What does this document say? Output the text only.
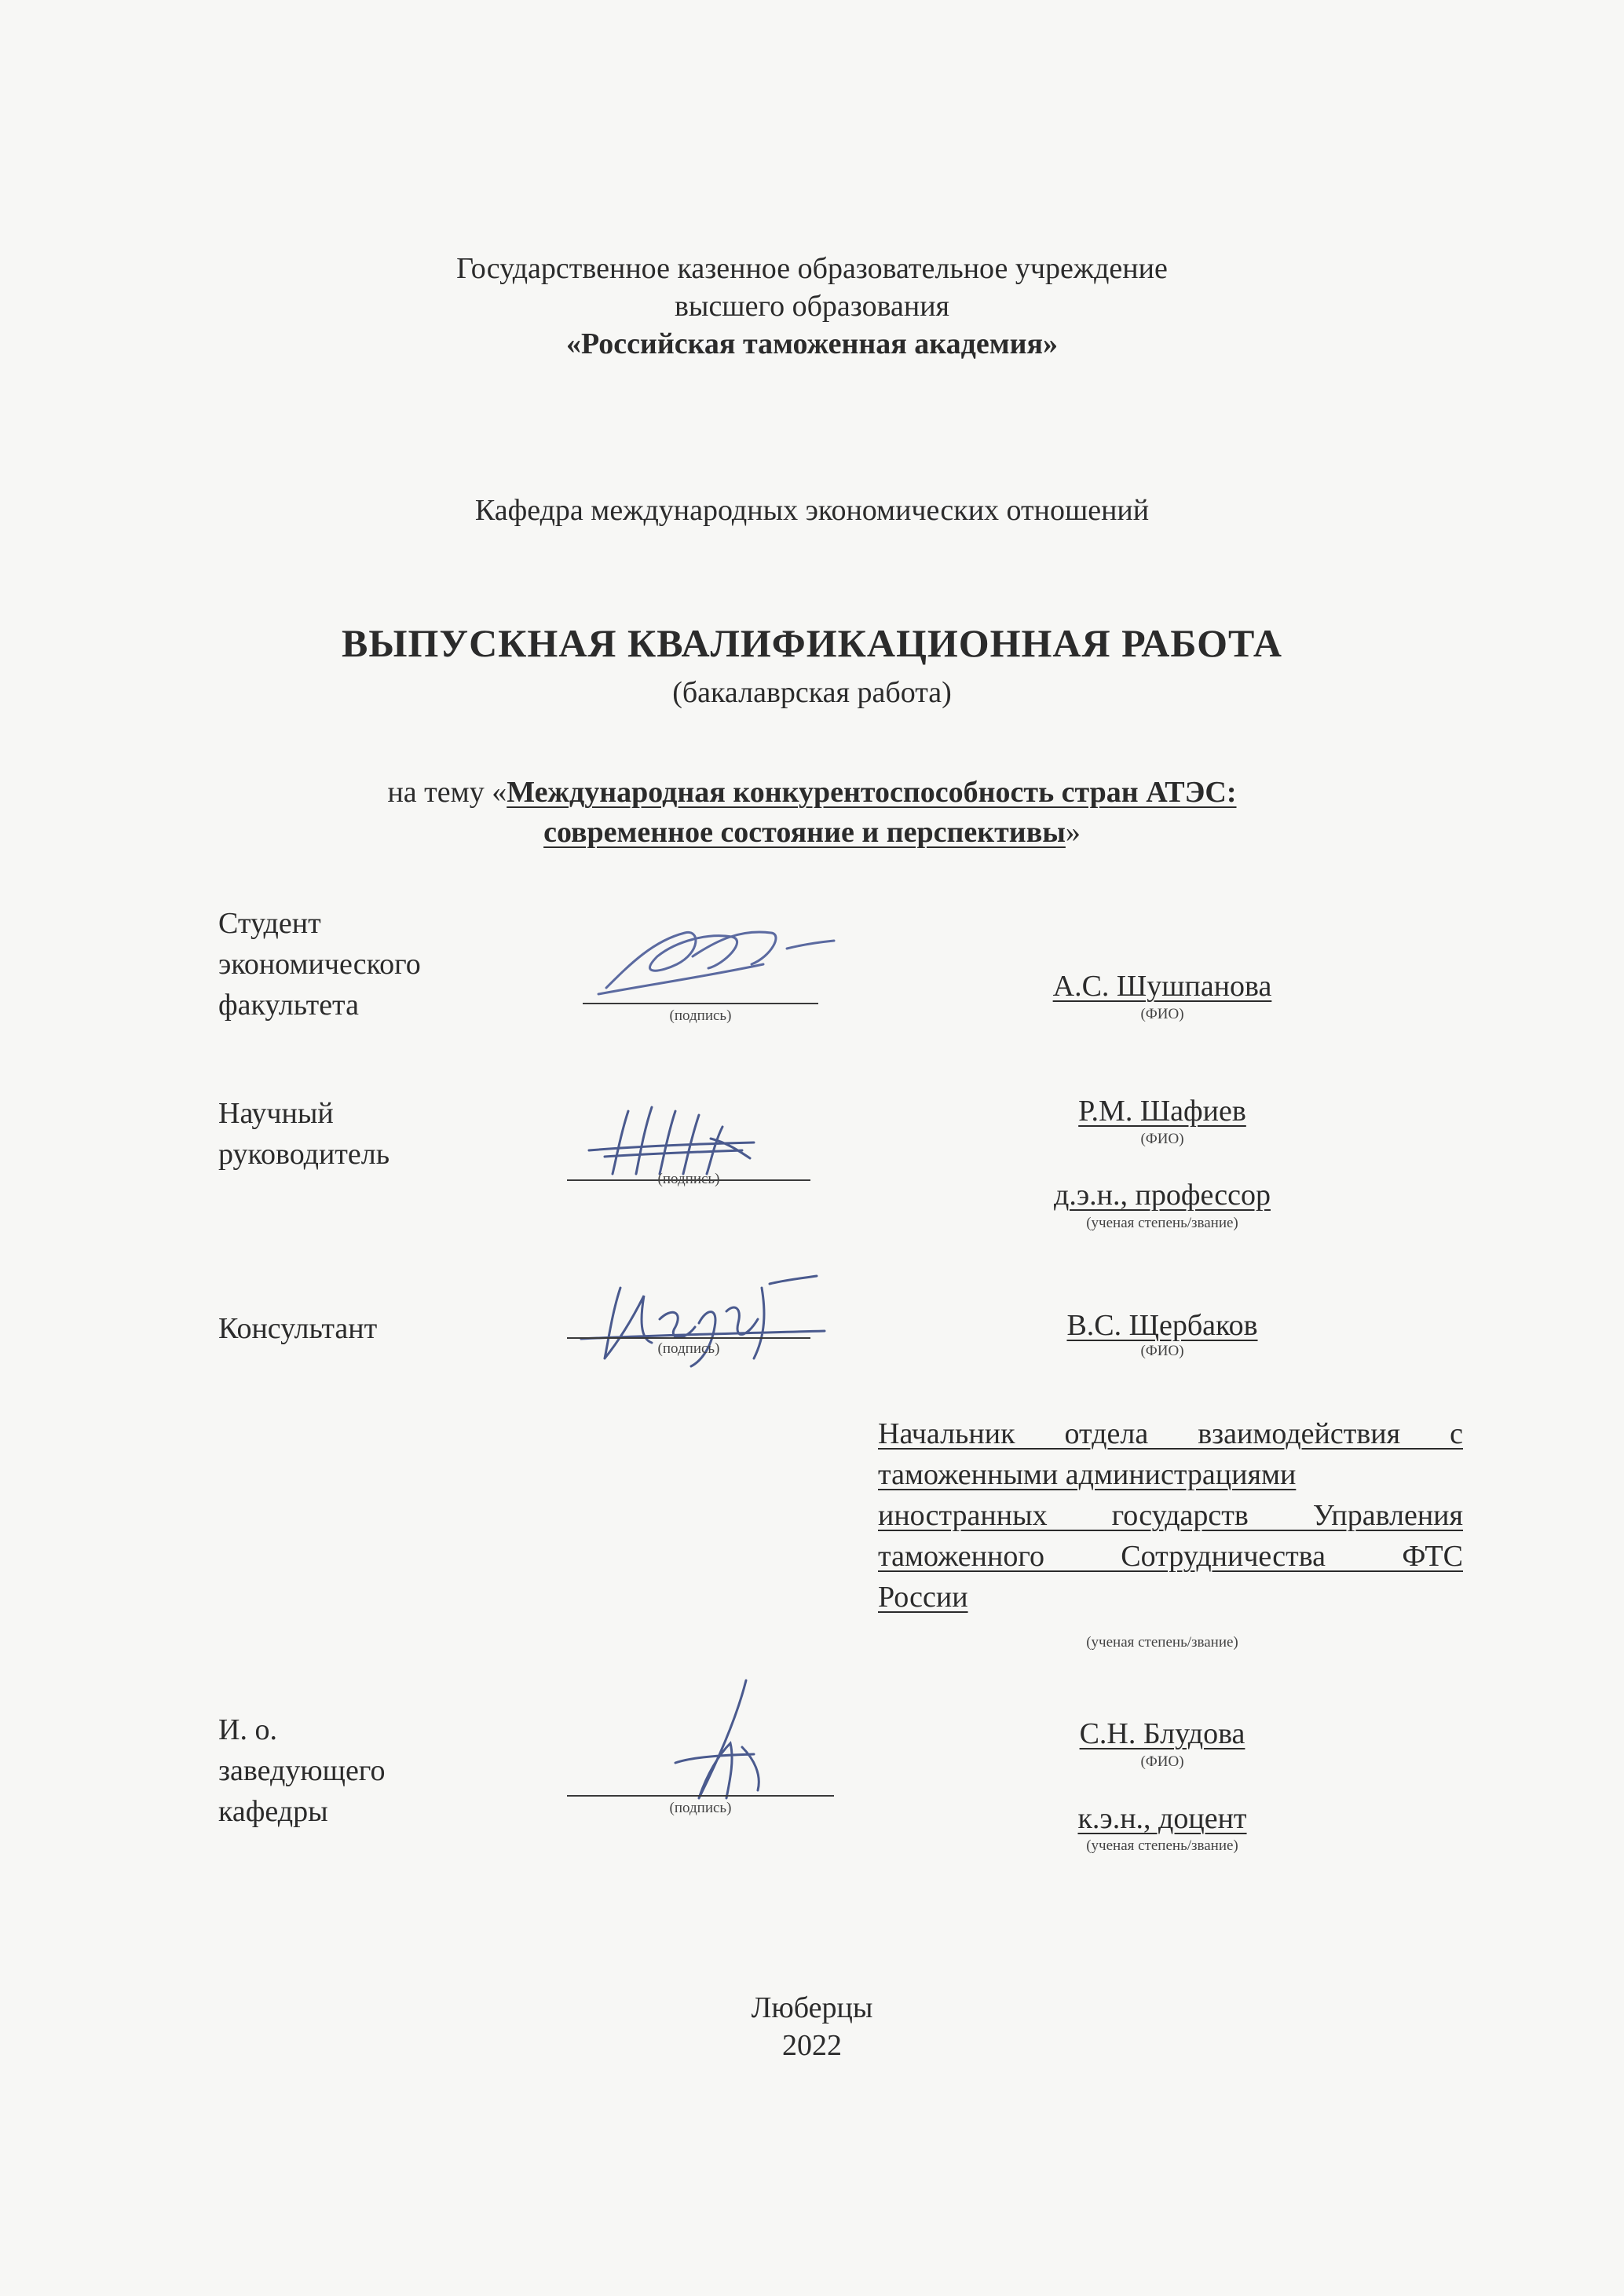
Государственное казенное образовательное учреждение
высшего образования
«Российская таможенная академия»
Кафедра международных экономических отношений
ВЫПУСКНАЯ КВАЛИФИКАЦИОННАЯ РАБОТА
(бакалаврская работа)
на тему «Международная конкурентоспособность стран АТЭС:
современное состояние и перспективы»
Студент
экономического
факультета	(подпись)
А.С. Шушпанова
(ФИО)
Научный
руководитель
(подпись)
Р.М. Шафиев
(ФИО)
д.э.н., профессор
(ученая степень/звание)
Консультант
(подпись)
В.С. Щербаков
(ФИО)
Начальник отдела взаимодействия с
таможенными администрациями
иностранных государств Управления
таможенного Сотрудничества ФТС
России
(ученая степень/звание)
И. о.
заведующего
кафедры	(подпись)
С.Н. Блудова
(ФИО)
к.э.н., доцент
(ученая степень/звание)
Люберцы
2022
